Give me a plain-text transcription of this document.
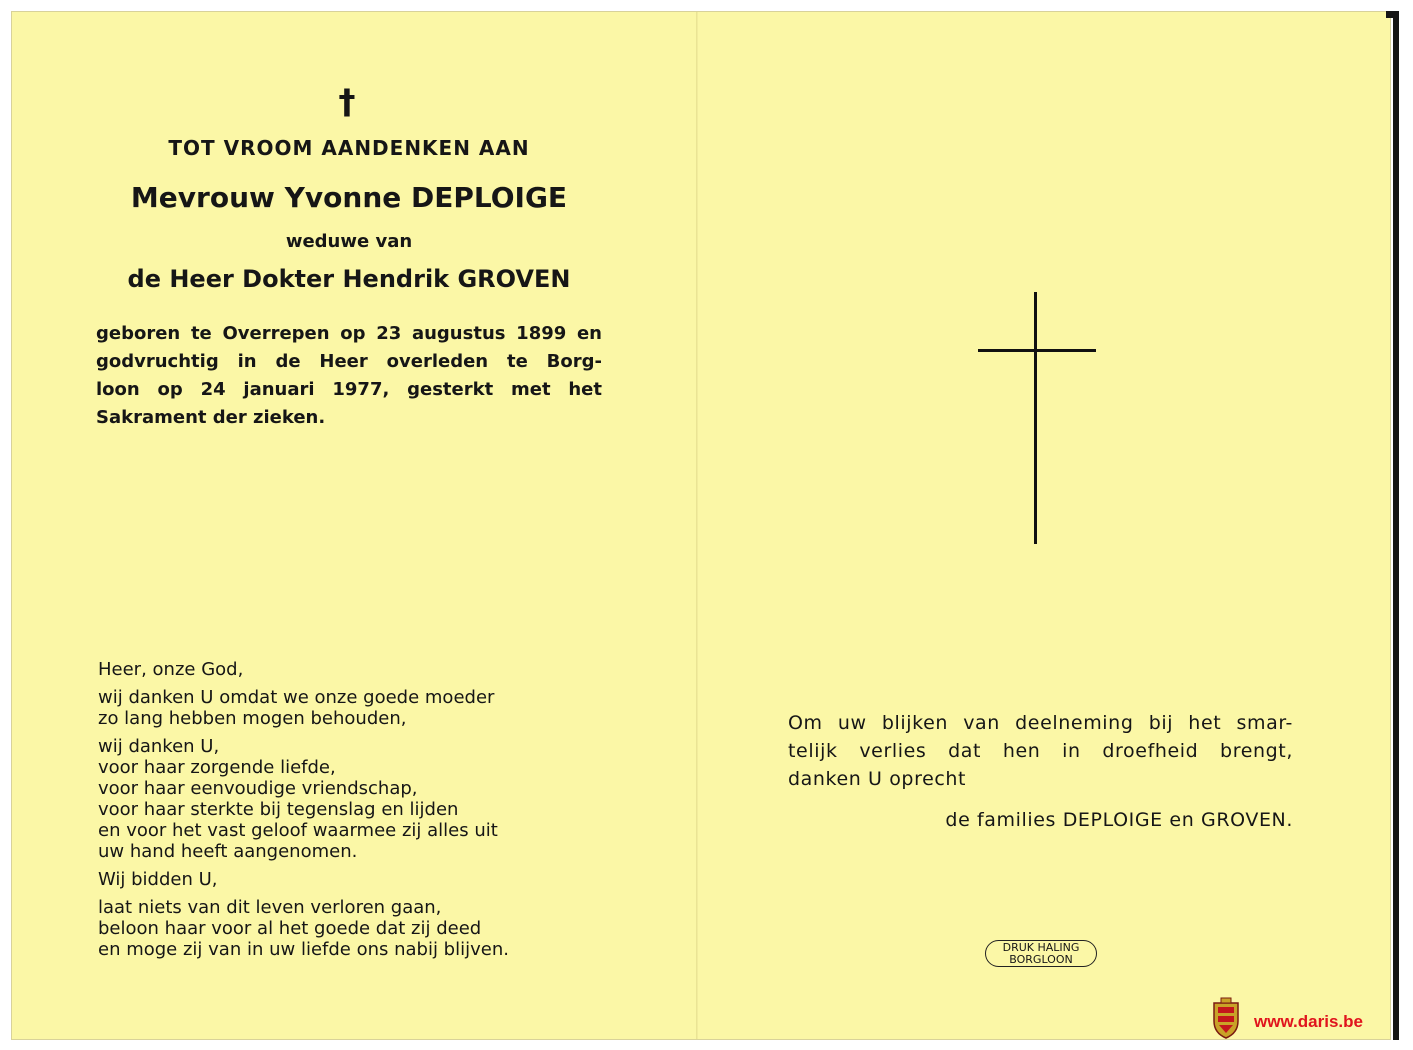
†
TOT VROOM AANDENKEN AAN
Mevrouw Yvonne DEPLOIGE
weduwe van
de Heer Dokter Hendrik GROVEN
geboren te Overrepen op 23 augustus 1899 en
godvruchtig in de Heer overleden te Borg-
loon op 24 januari 1977, gesterkt met het
Sakrament der zieken.
Heer, onze God,
wij danken U omdat we onze goede moeder
zo lang hebben mogen behouden,
wij danken U,
voor haar zorgende liefde,
voor haar eenvoudige vriendschap,
voor haar sterkte bij tegenslag en lijden
en voor het vast geloof waarmee zij alles uit
uw hand heeft aangenomen.
Wij bidden U,
laat niets van dit leven verloren gaan,
beloon haar voor al het goede dat zij deed
en moge zij van in uw liefde ons nabij blijven.
Om uw blijken van deelneming bij het smar-
telijk verlies dat hen in droefheid brengt,
danken U oprecht
de families DEPLOIGE en GROVEN.
DRUK HALING
BORGLOON
www.daris.be
